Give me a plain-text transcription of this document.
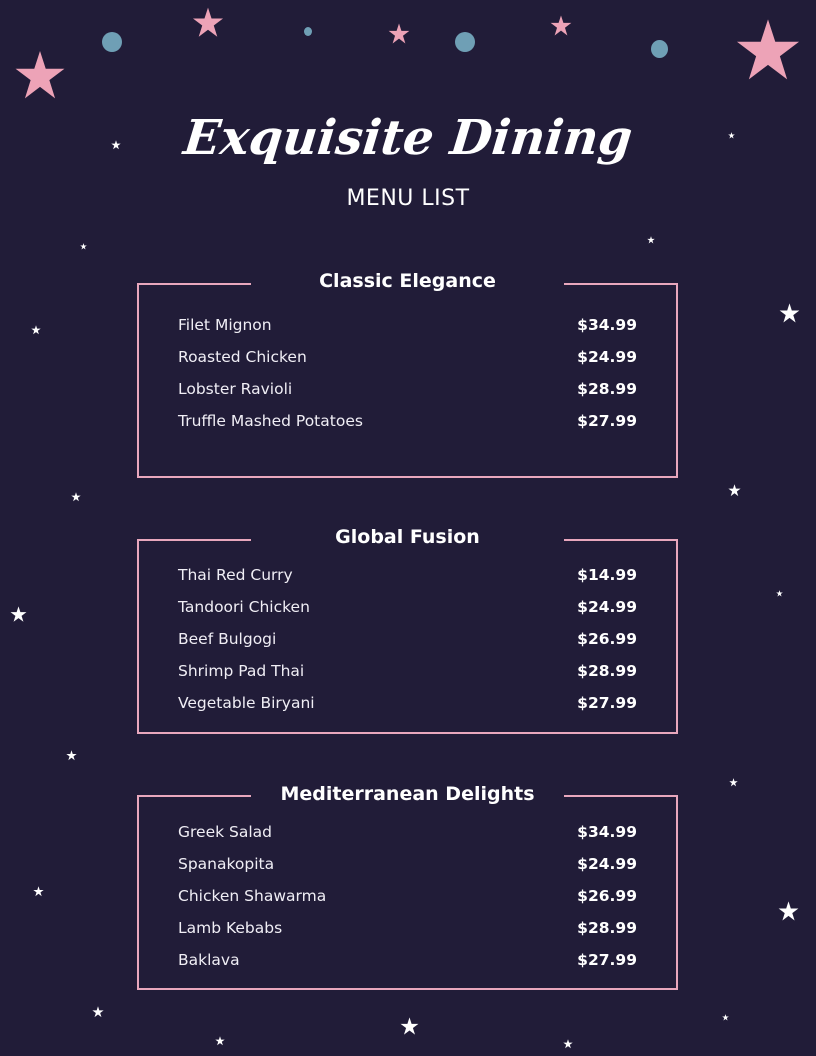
Exquisite Dining
MENU LIST
Classic Elegance
Filet Mignon	$34.99
Roasted Chicken	$24.99
Lobster Ravioli	$28.99
Truffle Mashed Potatoes	$27.99
Global Fusion
Thai Red Curry	$14.99
Tandoori Chicken	$24.99
Beef Bulgogi	$26.99
Shrimp Pad Thai	$28.99
Vegetable Biryani	$27.99
Mediterranean Delights
Greek Salad	$34.99
Spanakopita	$24.99
Chicken Shawarma	$26.99
Lamb Kebabs	$28.99
Baklava	$27.99
